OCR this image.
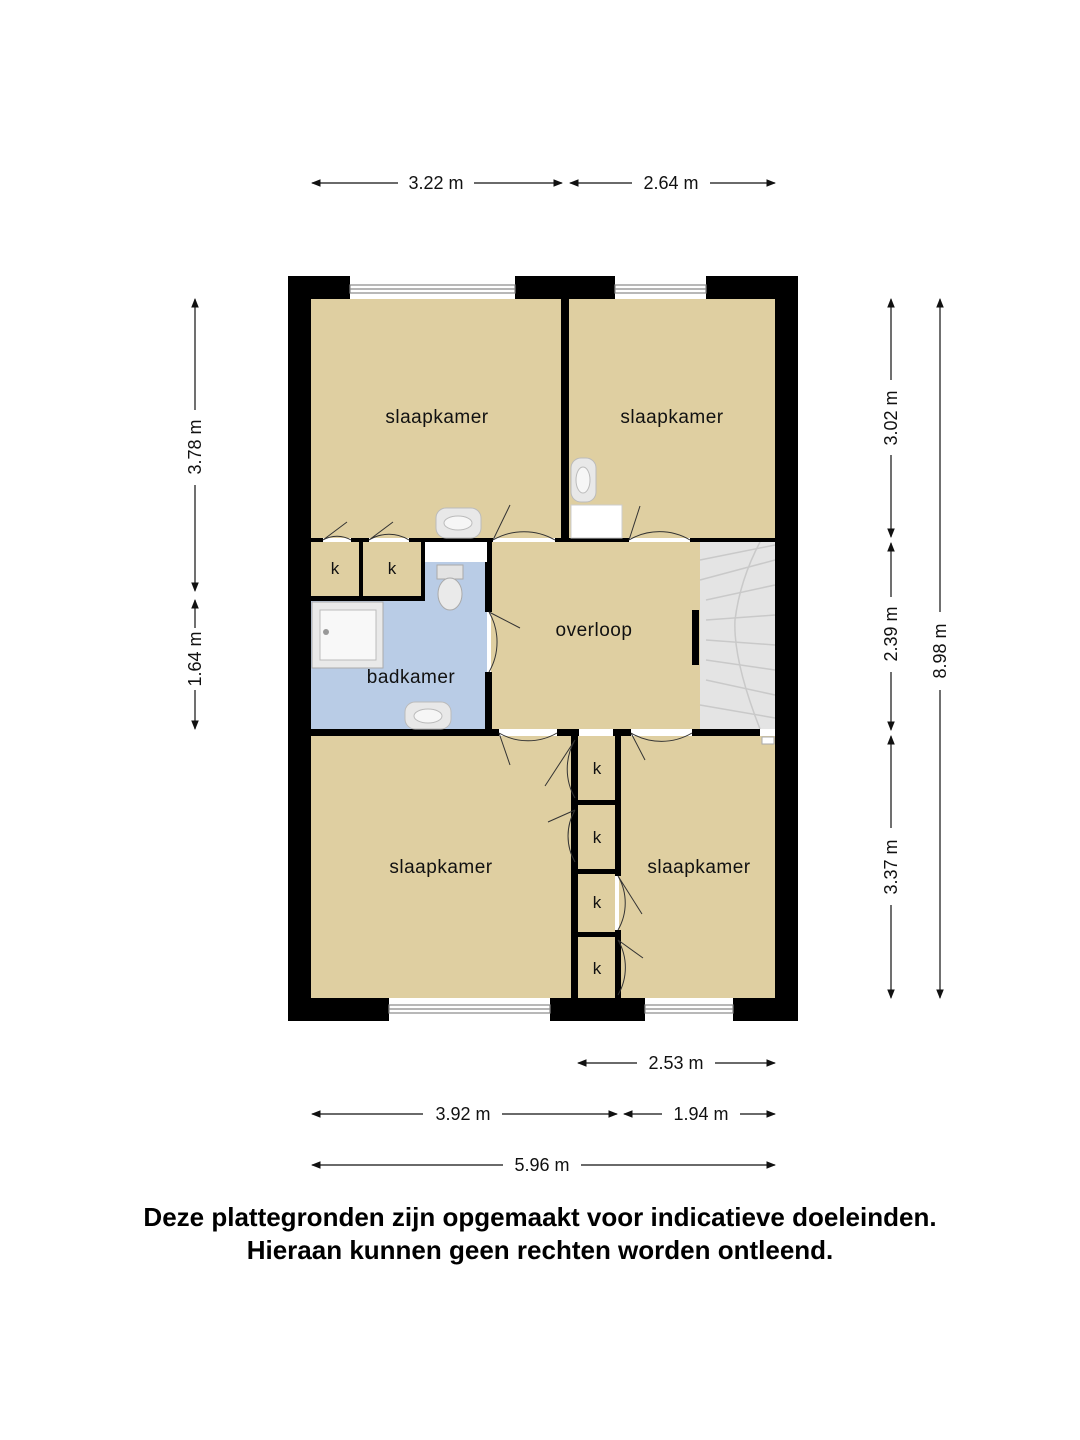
slaapkamer	slaapkamer
overloop
badkamer
slaapkamer	slaapkamer
k	k
k
k
k
k
3.22 m	2.64 m
3.78 m
1.64 m
3.02 m
2.39 m
3.37 m
8.98 m
2.53 m
3.92 m	1.94 m
5.96 m

Deze plattegronden zijn opgemaakt voor indicatieve doeleinden.

Hieraan kunnen geen rechten worden ontleend.
